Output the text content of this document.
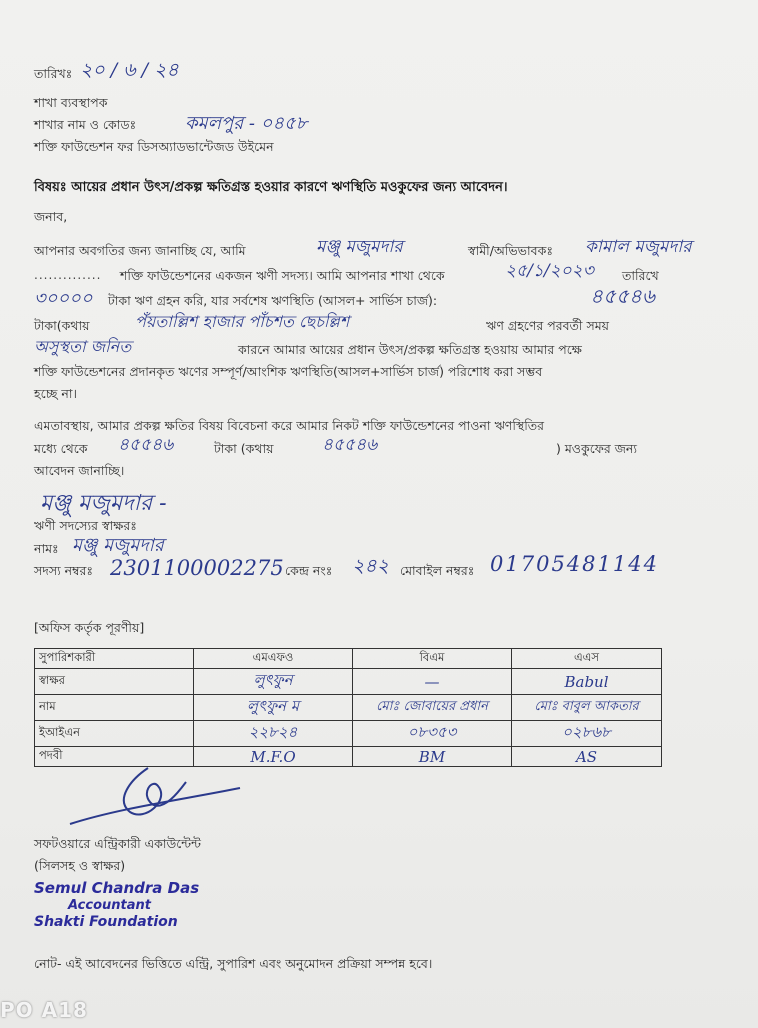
তারিখঃ ২০ / ৬ / ২৪
শাখা ব্যবস্থাপক
শাখার নাম ও কোডঃ	কমলপুর - ০৪৫৮
শক্তি ফাউন্ডেশন ফর ডিসঅ্যাডভান্টেজড উইমেন
বিষয়ঃ আয়ের প্রধান উৎস/প্রকল্প ক্ষতিগ্রস্ত হওয়ার কারণে ঋণস্থিতি মওকুফের জন্য আবেদন।
জনাব,
আপনার অবগতির জন্য জানাচ্ছি যে, আমি	মঞ্জু মজুমদার	স্বামী/অভিভাবকঃ কামাল মজুমদার
.............. শক্তি ফাউন্ডেশনের একজন ঋণী সদস্য। আমি আপনার শাখা থেকে	২৫/১/২০২৩ তারিখে
৩০০০০ টাকা ঋণ গ্রহন করি, যার সর্বশেষ ঋণস্থিতি (আসল+ সার্ভিস চার্জ):	৪৫৫৪৬
টাকা(কথায়	পঁয়তাল্লিশ হাজার পাঁচশত ছেচল্লিশ	ঋণ গ্রহণের পরবর্তী সময়
অসুস্থতা জনিত	কারনে আমার আয়ের প্রধান উৎস/প্রকল্প ক্ষতিগ্রস্ত হওয়ায় আমার পক্ষে
শক্তি ফাউন্ডেশনের প্রদানকৃত ঋণের সম্পূর্ণ/আংশিক ঋণস্থিতি(আসল+সার্ভিস চার্জ) পরিশোধ করা সম্ভব
হচ্ছে না।
এমতাবস্থায়, আমার প্রকল্প ক্ষতির বিষয় বিবেচনা করে আমার নিকট শক্তি ফাউন্ডেশনের পাওনা ঋণস্থিতির
মধ্যে থেকে ৪৫৫৪৬	টাকা (কথায়	৪৫৫৪৬	) মওকুফের জন্য
আবেদন জানাচ্ছি।
মঞ্জু মজুমদার -
ঋণী সদস্যের স্বাক্ষরঃ
নামঃ মঞ্জু মজুমদার
সদস্য নম্বরঃ 2301100002275 কেন্দ্র নংঃ ২৪২ মোবাইল নম্বরঃ 01705481144
[অফিস কর্তৃক পূরণীয়]
সুপারিশকারী	এমএফও	বিএম	এএস
স্বাক্ষর	লুৎফুন	—	Babul
নাম	লুৎফুন ম	মোঃ জোবায়ের প্রধান	মোঃ বাবুল আকতার
ইআইএন	২২৮২৪	০৮৩৫৩	০২৮৬৮
পদবী	M.F.O	BM	AS
সফটওয়ারে এন্ট্রিকারী একাউন্টেন্ট
(সিলসহ ও স্বাক্ষর)
Semul Chandra Das
Accountant
Shakti Foundation
নোট- এই আবেদনের ভিত্তিতে এন্ট্রি, সুপারিশ এবং অনুমোদন প্রক্রিয়া সম্পন্ন হবে।
PO A18
